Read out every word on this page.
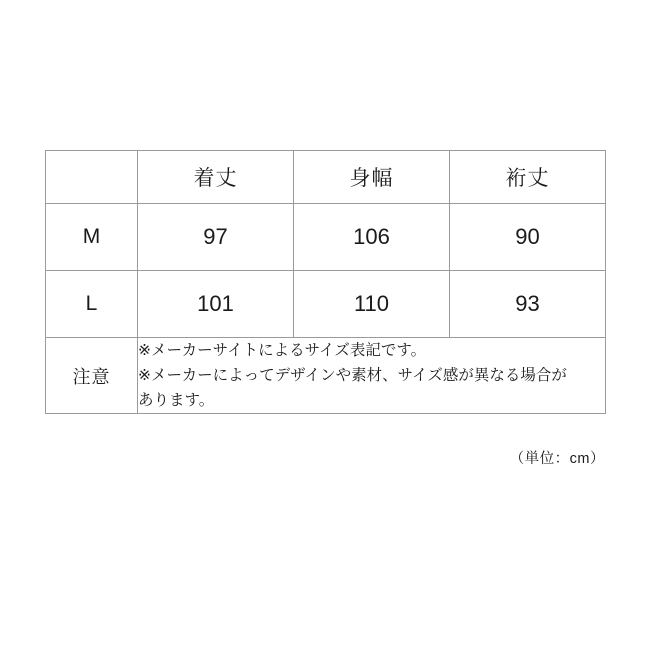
	着丈	身幅	裄丈
M	97	106	90
L	101	110	93
注意	※メーカーサイトによるサイズ表記です。

※メーカーによってデザインや素材、サイズ感が異なる場合が

あります。		

（単位：cm）
